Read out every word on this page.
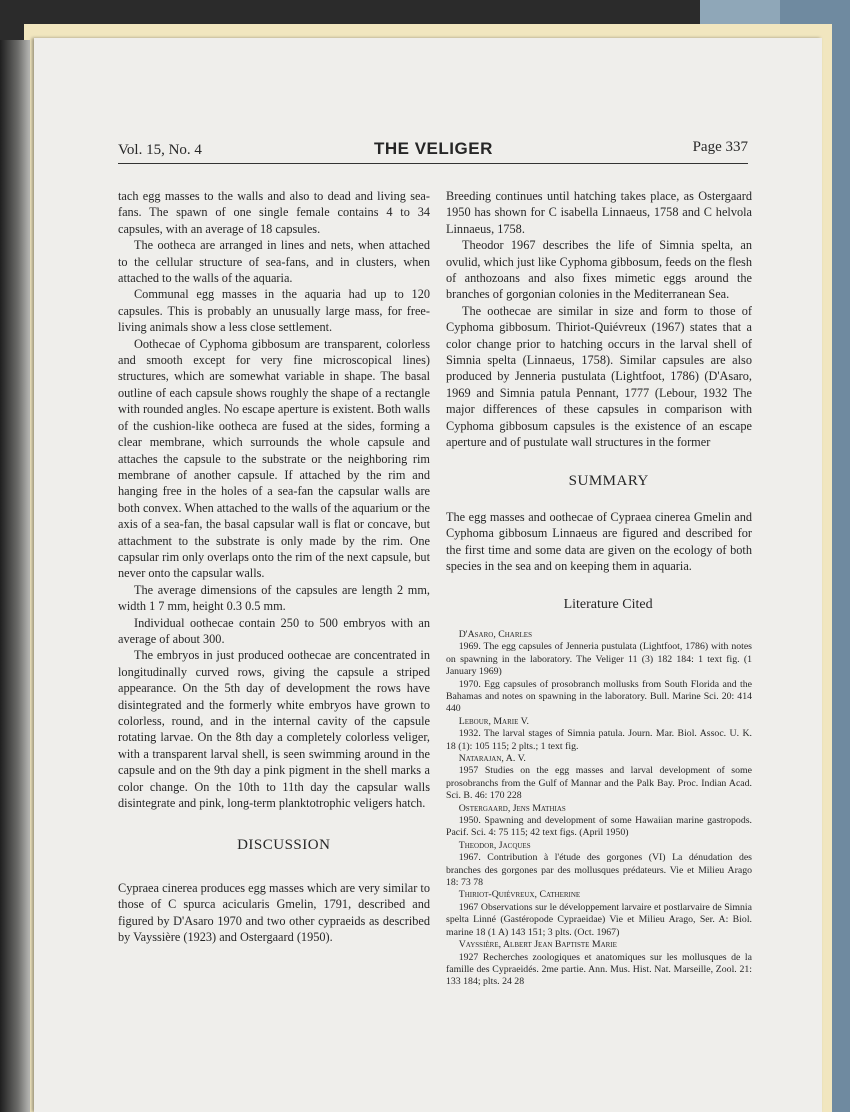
Vol. 15, No. 4	THE VELIGER	Page 337

tach egg masses to the walls and also to dead and living sea-fans. The spawn of one single female contains 4 to 34 capsules, with an average of 18 capsules.

The ootheca are arranged in lines and nets, when attached to the cellular structure of sea-fans, and in clusters, when attached to the walls of the aquaria.

Communal egg masses in the aquaria had up to 120 capsules. This is probably an unusually large mass, for free-living animals show a less close settlement.

Oothecae of Cyphoma gibbosum are transparent, colorless and smooth except for very fine microscopical lines) structures, which are somewhat variable in shape. The basal outline of each capsule shows roughly the shape of a rectangle with rounded angles. No escape aperture is existent. Both walls of the cushion-like ootheca are fused at the sides, forming a clear membrane, which surrounds the whole capsule and attaches the capsule to the substrate or the neighboring rim membrane of another capsule. If attached by the rim and hanging free in the holes of a sea-fan the capsular walls are both convex. When attached to the walls of the aquarium or the axis of a sea-fan, the basal capsular wall is flat or concave, but attachment to the substrate is only made by the rim. One capsular rim only overlaps onto the rim of the next capsule, but never onto the capsular walls.

The average dimensions of the capsules are length 2 mm, width 1 7 mm, height 0.3 0.5 mm.

Individual oothecae contain 250 to 500 embryos with an average of about 300.

The embryos in just produced oothecae are concentrated in longitudinally curved rows, giving the capsule a striped appearance. On the 5th day of development the rows have disintegrated and the formerly white embryos have grown to colorless, round, and in the internal cavity of the capsule rotating larvae. On the 8th day a completely colorless veliger, with a transparent larval shell, is seen swimming around in the capsule and on the 9th day a pink pigment in the shell marks a color change. On the 10th to 11th day the capsular walls disintegrate and pink, long-term planktotrophic veligers hatch.

DISCUSSION

Cypraea cinerea produces egg masses which are very similar to those of C spurca acicularis Gmelin, 1791, described and figured by D'Asaro 1970 and two other cypraeids as described by Vayssière (1923) and Ostergaard (1950).

Breeding continues until hatching takes place, as Ostergaard 1950 has shown for C isabella Linnaeus, 1758 and C helvola Linnaeus, 1758.

Theodor 1967 describes the life of Simnia spelta, an ovulid, which just like Cyphoma gibbosum, feeds on the flesh of anthozoans and also fixes mimetic eggs around the branches of gorgonian colonies in the Mediterranean Sea.

The oothecae are similar in size and form to those of Cyphoma gibbosum. Thiriot-Quiévreux (1967) states that a color change prior to hatching occurs in the larval shell of Simnia spelta (Linnaeus, 1758). Similar capsules are also produced by Jenneria pustulata (Lightfoot, 1786) (D'Asaro, 1969 and Simnia patula Pennant, 1777 (Lebour, 1932 The major differences of these capsules in comparison with Cyphoma gibbosum capsules is the existence of an escape aperture and of pustulate wall structures in the former

SUMMARY

The egg masses and oothecae of Cypraea cinerea Gmelin and Cyphoma gibbosum Linnaeus are figured and described for the first time and some data are given on the ecology of both species in the sea and on keeping them in aquaria.

Literature Cited

D'Asaro, Charles

1969. The egg capsules of Jenneria pustulata (Lightfoot, 1786) with notes on spawning in the laboratory. The Veliger 11 (3) 182 184: 1 text fig. (1 January 1969)

1970. Egg capsules of prosobranch mollusks from South Florida and the Bahamas and notes on spawning in the laboratory. Bull. Marine Sci. 20: 414 440

Lebour, Marie V.

1932. The larval stages of Simnia patula. Journ. Mar. Biol. Assoc. U. K. 18 (1): 105 115; 2 plts.; 1 text fig.

Natarajan, A. V.

1957 Studies on the egg masses and larval development of some prosobranchs from the Gulf of Mannar and the Palk Bay. Proc. Indian Acad. Sci. B. 46: 170 228

Ostergaard, Jens Mathias

1950. Spawning and development of some Hawaiian marine gastropods. Pacif. Sci. 4: 75 115; 42 text figs. (April 1950)

Theodor, Jacques

1967. Contribution à l'étude des gorgones (VI) La dénudation des branches des gorgones par des mollusques prédateurs. Vie et Milieu Arago 18: 73 78

Thiriot-Quiévreux, Catherine

1967 Observations sur le développement larvaire et postlarvaire de Simnia spelta Linné (Gastéropode Cypraeidae) Vie et Milieu Arago, Ser. A: Biol. marine 18 (1 A) 143 151; 3 plts. (Oct. 1967)

Vayssière, Albert Jean Baptiste Marie

1927 Recherches zoologiques et anatomiques sur les mollusques de la famille des Cypraeidés. 2me partie. Ann. Mus. Hist. Nat. Marseille, Zool. 21: 133 184; plts. 24 28
